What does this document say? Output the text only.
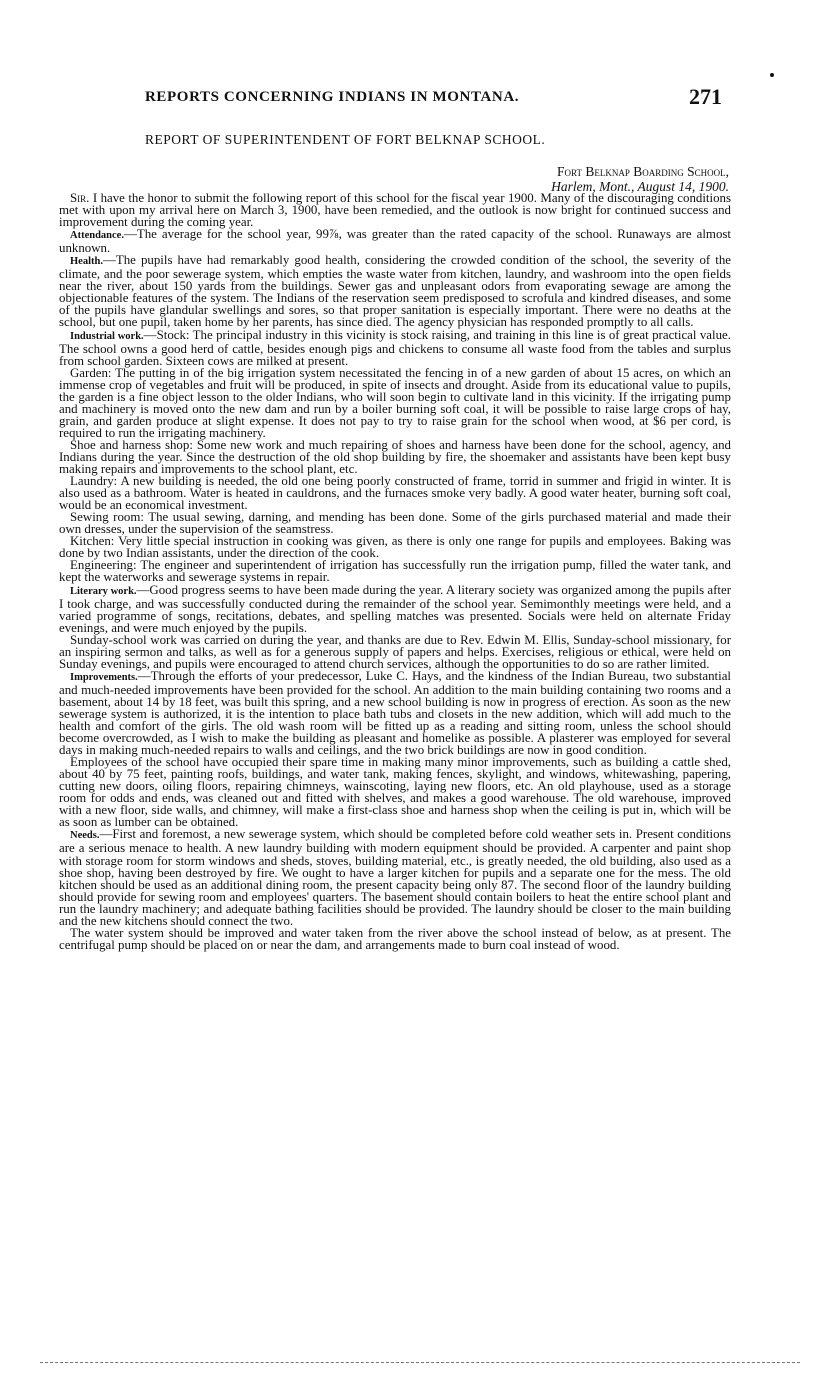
REPORTS CONCERNING INDIANS IN MONTANA.	271
REPORT OF SUPERINTENDENT OF FORT BELKNAP SCHOOL.
Fort Belknap Boarding School,
Harlem, Mont., August 14, 1900.

Sir. I have the honor to submit the following report of this school for the fiscal year 1900. Many of the discouraging conditions met with upon my arrival here on March 3, 1900, have been remedied, and the outlook is now bright for continued success and improvement during the coming year.

Attendance.—The average for the school year, 99⅞, was greater than the rated capacity of the school. Runaways are almost unknown.

Health.—The pupils have had remarkably good health, considering the crowded condition of the school, the severity of the climate, and the poor sewerage system, which empties the waste water from kitchen, laundry, and washroom into the open fields near the river, about 150 yards from the buildings. Sewer gas and unpleasant odors from evaporating sewage are among the objectionable features of the system. The Indians of the reservation seem predisposed to scrofula and kindred diseases, and some of the pupils have glandular swellings and sores, so that proper sanitation is especially important. There were no deaths at the school, but one pupil, taken home by her parents, has since died. The agency physician has responded promptly to all calls.

Industrial work.—Stock: The principal industry in this vicinity is stock raising, and training in this line is of great practical value. The school owns a good herd of cattle, besides enough pigs and chickens to consume all waste food from the tables and surplus from school garden. Sixteen cows are milked at present.

Garden: The putting in of the big irrigation system necessitated the fencing in of a new garden of about 15 acres, on which an immense crop of vegetables and fruit will be produced, in spite of insects and drought. Aside from its educational value to pupils, the garden is a fine object lesson to the older Indians, who will soon begin to cultivate land in this vicinity. If the irrigating pump and machinery is moved onto the new dam and run by a boiler burning soft coal, it will be possible to raise large crops of hay, grain, and garden produce at slight expense. It does not pay to try to raise grain for the school when wood, at $6 per cord, is required to run the irrigating machinery.

Shoe and harness shop: Some new work and much repairing of shoes and harness have been done for the school, agency, and Indians during the year. Since the destruction of the old shop building by fire, the shoemaker and assistants have been kept busy making repairs and improvements to the school plant, etc.

Laundry: A new building is needed, the old one being poorly constructed of frame, torrid in summer and frigid in winter. It is also used as a bathroom. Water is heated in cauldrons, and the furnaces smoke very badly. A good water heater, burning soft coal, would be an economical investment.

Sewing room: The usual sewing, darning, and mending has been done. Some of the girls purchased material and made their own dresses, under the supervision of the seamstress.

Kitchen: Very little special instruction in cooking was given, as there is only one range for pupils and employees. Baking was done by two Indian assistants, under the direction of the cook.

Engineering: The engineer and superintendent of irrigation has successfully run the irrigation pump, filled the water tank, and kept the waterworks and sewerage systems in repair.

Literary work.—Good progress seems to have been made during the year. A literary society was organized among the pupils after I took charge, and was successfully conducted during the remainder of the school year. Semimonthly meetings were held, and a varied programme of songs, recitations, debates, and spelling matches was presented. Socials were held on alternate Friday evenings, and were much enjoyed by the pupils.

Sunday-school work was carried on during the year, and thanks are due to Rev. Edwin M. Ellis, Sunday-school missionary, for an inspiring sermon and talks, as well as for a generous supply of papers and helps. Exercises, religious or ethical, were held on Sunday evenings, and pupils were encouraged to attend church services, although the opportunities to do so are rather limited.

Improvements.—Through the efforts of your predecessor, Luke C. Hays, and the kindness of the Indian Bureau, two substantial and much-needed improvements have been provided for the school. An addition to the main building containing two rooms and a basement, about 14 by 18 feet, was built this spring, and a new school building is now in progress of erection. As soon as the new sewerage system is authorized, it is the intention to place bath tubs and closets in the new addition, which will add much to the health and comfort of the girls. The old wash room will be fitted up as a reading and sitting room, unless the school should become overcrowded, as I wish to make the building as pleasant and homelike as possible. A plasterer was employed for several days in making much-needed repairs to walls and ceilings, and the two brick buildings are now in good condition.

Employees of the school have occupied their spare time in making many minor improvements, such as building a cattle shed, about 40 by 75 feet, painting roofs, buildings, and water tank, making fences, skylight, and windows, whitewashing, papering, cutting new doors, oiling floors, repairing chimneys, wainscoting, laying new floors, etc. An old playhouse, used as a storage room for odds and ends, was cleaned out and fitted with shelves, and makes a good warehouse. The old warehouse, improved with a new floor, side walls, and chimney, will make a first-class shoe and harness shop when the ceiling is put in, which will be as soon as lumber can be obtained.

Needs.—First and foremost, a new sewerage system, which should be completed before cold weather sets in. Present conditions are a serious menace to health. A new laundry building with modern equipment should be provided. A carpenter and paint shop with storage room for storm windows and sheds, stoves, building material, etc., is greatly needed, the old building, also used as a shoe shop, having been destroyed by fire. We ought to have a larger kitchen for pupils and a separate one for the mess. The old kitchen should be used as an additional dining room, the present capacity being only 87. The second floor of the laundry building should provide for sewing room and employees' quarters. The basement should contain boilers to heat the entire school plant and run the laundry machinery; and adequate bathing facilities should be provided. The laundry should be closer to the main building and the new kitchens should connect the two.

The water system should be improved and water taken from the river above the school instead of below, as at present. The centrifugal pump should be placed on or near the dam, and arrangements made to burn coal instead of wood.
